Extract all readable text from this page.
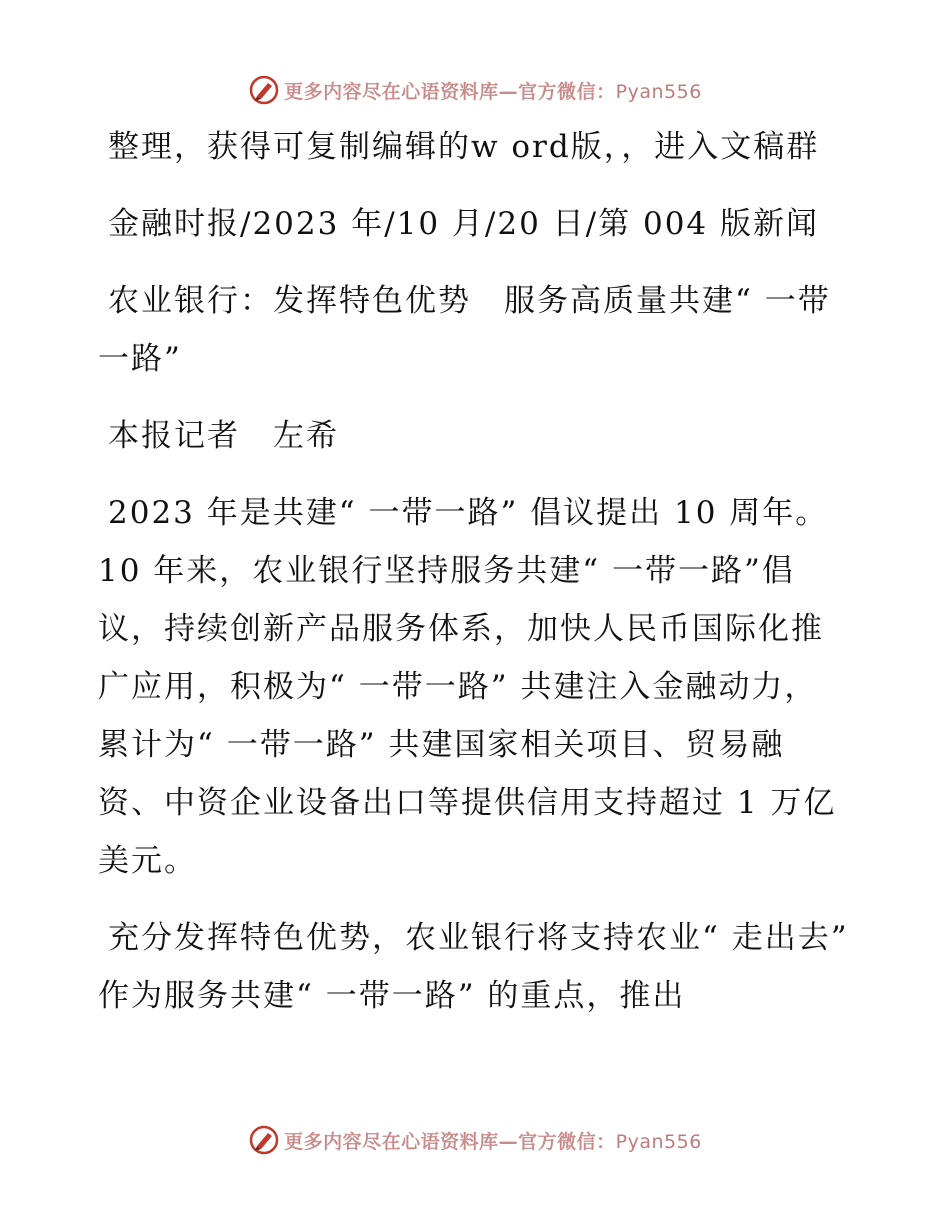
更多内容尽在心语资料库—官方微信：Pyan556

整理，获得可复制编辑的w ord版，，进入文稿群

金融时报/2023 年/10 月/20 日/第 004 版新闻

农业银行：发挥特色优势　服务高质量共建“ 一带一路”

本报记者　左希

2023 年是共建“ 一带一路” 倡议提出 10 周年。10 年来，农业银行坚持服务共建“ 一带一路”倡议，持续创新产品服务体系，加快人民币国际化推广应用，积极为“ 一带一路” 共建注入金融动力，累计为“ 一带一路” 共建国家相关项目、贸易融资、中资企业设备出口等提供信用支持超过 1 万亿美元。

充分发挥特色优势，农业银行将支持农业“ 走出去” 作为服务共建“ 一带一路” 的重点，推出

更多内容尽在心语资料库—官方微信：Pyan556
